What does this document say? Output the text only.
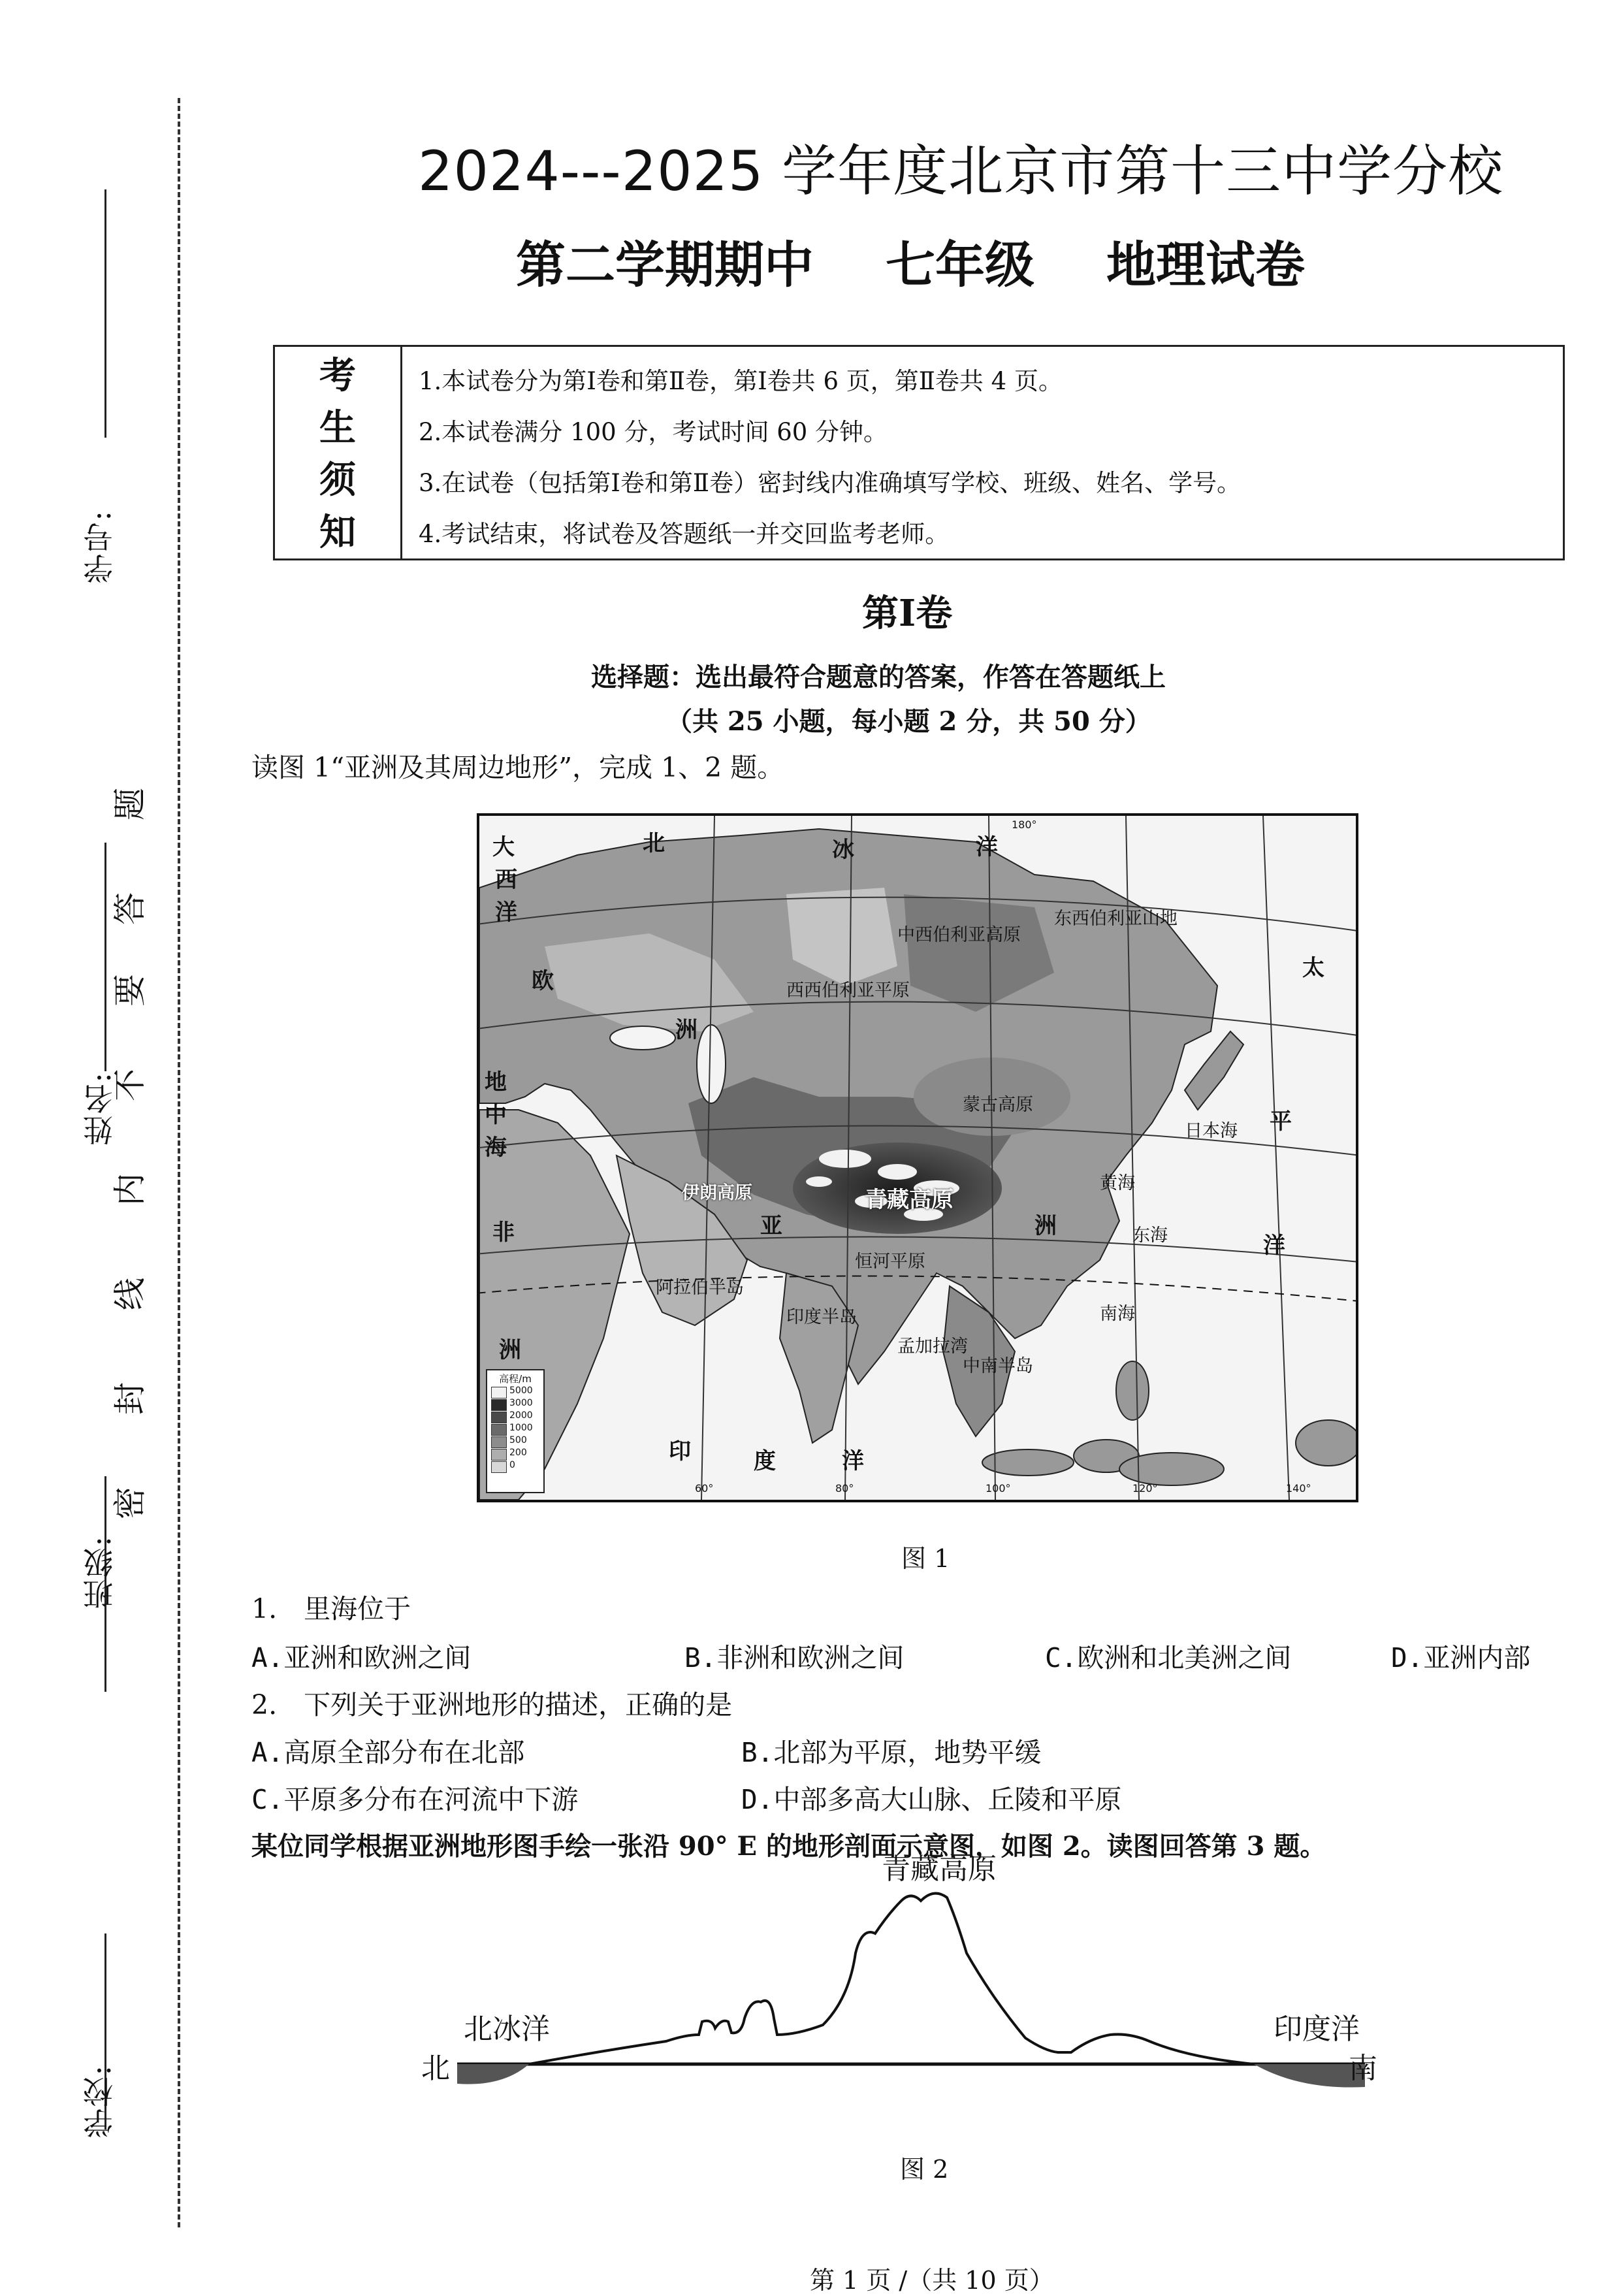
学号:
姓名:
班级:
学校:
密
封
线
内
不
要
答
题
2024---2025 学年度北京市第十三中学分校
第二学期期中 七年级 地理试卷
考
生
须
知
1.本试卷分为第Ⅰ卷和第Ⅱ卷，第Ⅰ卷共 6 页，第Ⅱ卷共 4 页。
2.本试卷满分 100 分，考试时间 60 分钟。
3.在试卷（包括第Ⅰ卷和第Ⅱ卷）密封线内准确填写学校、班级、姓名、学号。
4.考试结束，将试卷及答题纸一并交回监考老师。
第Ⅰ卷
选择题：选出最符合题意的答案，作答在答题纸上
（共 25 小题，每小题 2 分，共 50 分）
读图 1“亚洲及其周边地形”，完成 1、2 题。
北	冰	洋
大
西
洋
欧
洲
地
中
海
非
洲
中西伯利亚高原
西西伯利亚平原
东西伯利亚山地
蒙古高原
伊朗高原
阿拉伯半岛
青藏高原
恒河平原
印度半岛
孟加拉湾
日本海
黄海
东海
南海
中南半岛
亚	洲
太
平
洋
印	度	洋
60°	80°	100°	120°	140°
180°
高程/m
5000
3000
2000
1000
500
200
0
图 1
1.　里海位于
A.亚洲和欧洲之间	B.非洲和欧洲之间	C.欧洲和北美洲之间	D.亚洲内部
2.　下列关于亚洲地形的描述，正确的是
A.高原全部分布在北部	B.北部为平原，地势平缓
C.平原多分布在河流中下游	D.中部多高大山脉、丘陵和平原
某位同学根据亚洲地形图手绘一张沿 90° E 的地形剖面示意图，如图 2。读图回答第 3 题。
青藏高原
北冰洋	印度洋
北	南
图 2
第 1 页 /（共 10 页）
